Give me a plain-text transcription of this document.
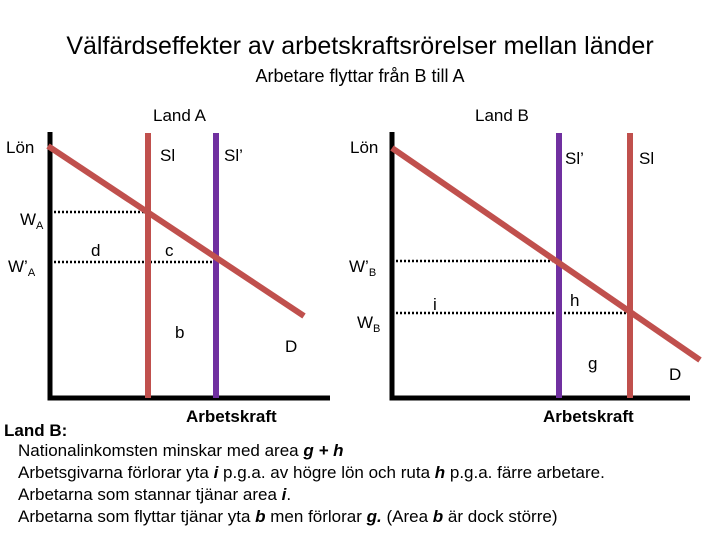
Välfärdseffekter av arbetskraftsrörelser mellan länder
Arbetare flyttar från B till A
Land A
Lön	Sl	Sl’
$W_A$
$W’_A$
d	c
b
D
Arbetskraft
Land B
Lön
Sl’	Sl
$W’_B$
$W_B$
i	h
g
D
Arbetskraft
Land B:
Nationalinkomsten minskar med area g + h
Arbetsgivarna förlorar yta i p.g.a. av högre lön och ruta h p.g.a. färre arbetare.
Arbetarna som stannar tjänar area i.
Arbetarna som flyttar tjänar yta b men förlorar g. (Area b är dock större)
